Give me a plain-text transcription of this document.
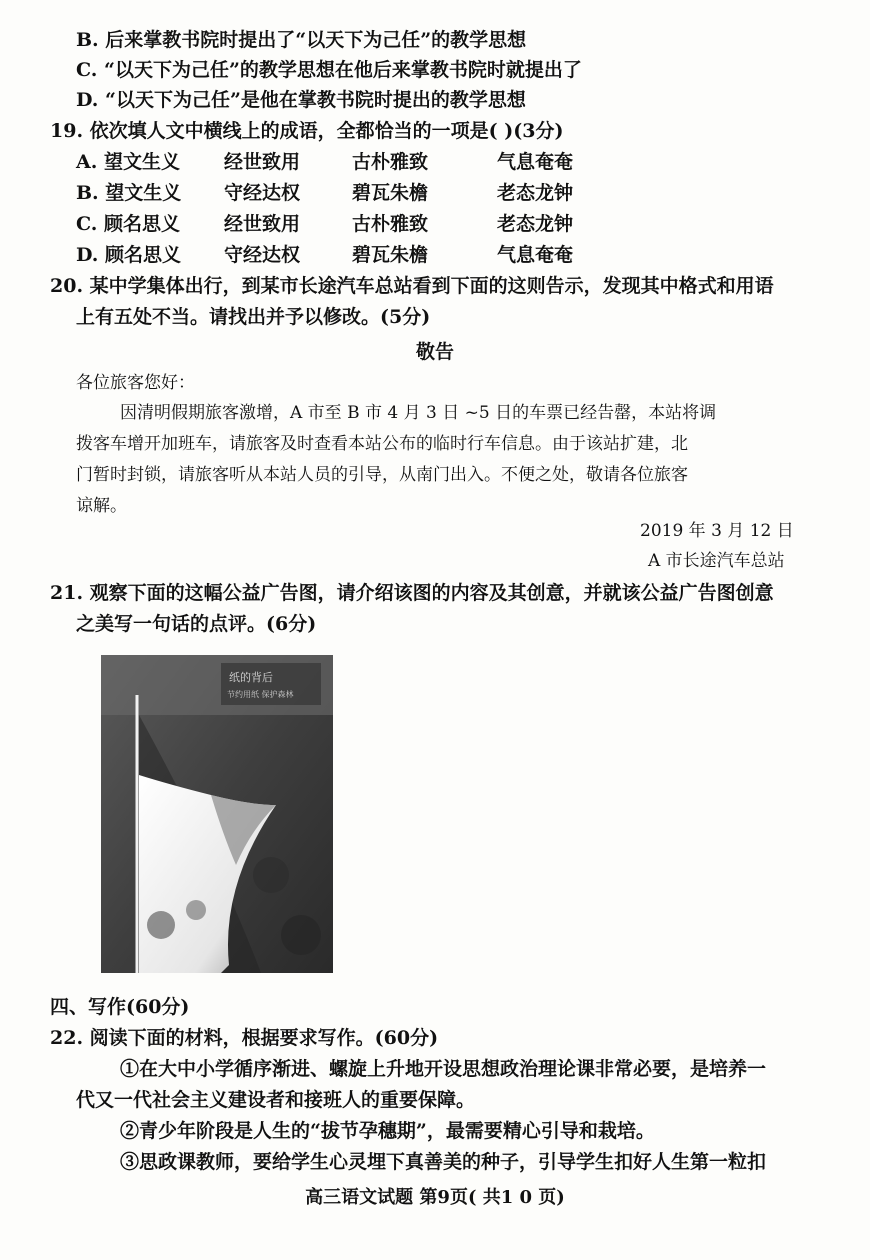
B. 后来掌教书院时提出了“以天下为己任”的教学思想
C. “以天下为己任”的教学思想在他后来掌教书院时就提出了
D. “以天下为己任”是他在掌教书院时提出的教学思想
19. 依次填人文中横线上的成语，全都恰当的一项是( )(3分)
A. 望文生义 经世致用	古朴雅致	气息奄奄
B. 望文生义 守经达权	碧瓦朱檐	老态龙钟
C. 顾名思义 经世致用	古朴雅致	老态龙钟
D. 顾名思义 守经达权	碧瓦朱檐	气息奄奄
20. 某中学集体出行，到某市长途汽车总站看到下面的这则告示，发现其中格式和用语
上有五处不当。请找出并予以修改。(5分)
敬告
各位旅客您好：
因清明假期旅客激增，A 市至 B 市 4 月 3 日 ~5 日的车票已经告罄，本站将调
拨客车增开加班车，请旅客及时查看本站公布的临时行车信息。由于该站扩建，北
门暂时封锁，请旅客听从本站人员的引导，从南门出入。不便之处，敬请各位旅客
谅解。
2019 年 3 月 12 日
A 市长途汽车总站
21. 观察下面的这幅公益广告图，请介绍该图的内容及其创意，并就该公益广告图创意
之美写一句话的点评。(6分)
纸的背后
节约用纸 保护森林
四、写作(60分)
22. 阅读下面的材料，根据要求写作。(60分)
①在大中小学循序渐进、螺旋上升地开设思想政治理论课非常必要，是培养一
代又一代社会主义建设者和接班人的重要保障。
②青少年阶段是人生的“拔节孕穗期”，最需要精心引导和栽培。
③思政课教师，要给学生心灵埋下真善美的种子，引导学生扣好人生第一粒扣
高三语文试题 第9页( 共1 0 页)
